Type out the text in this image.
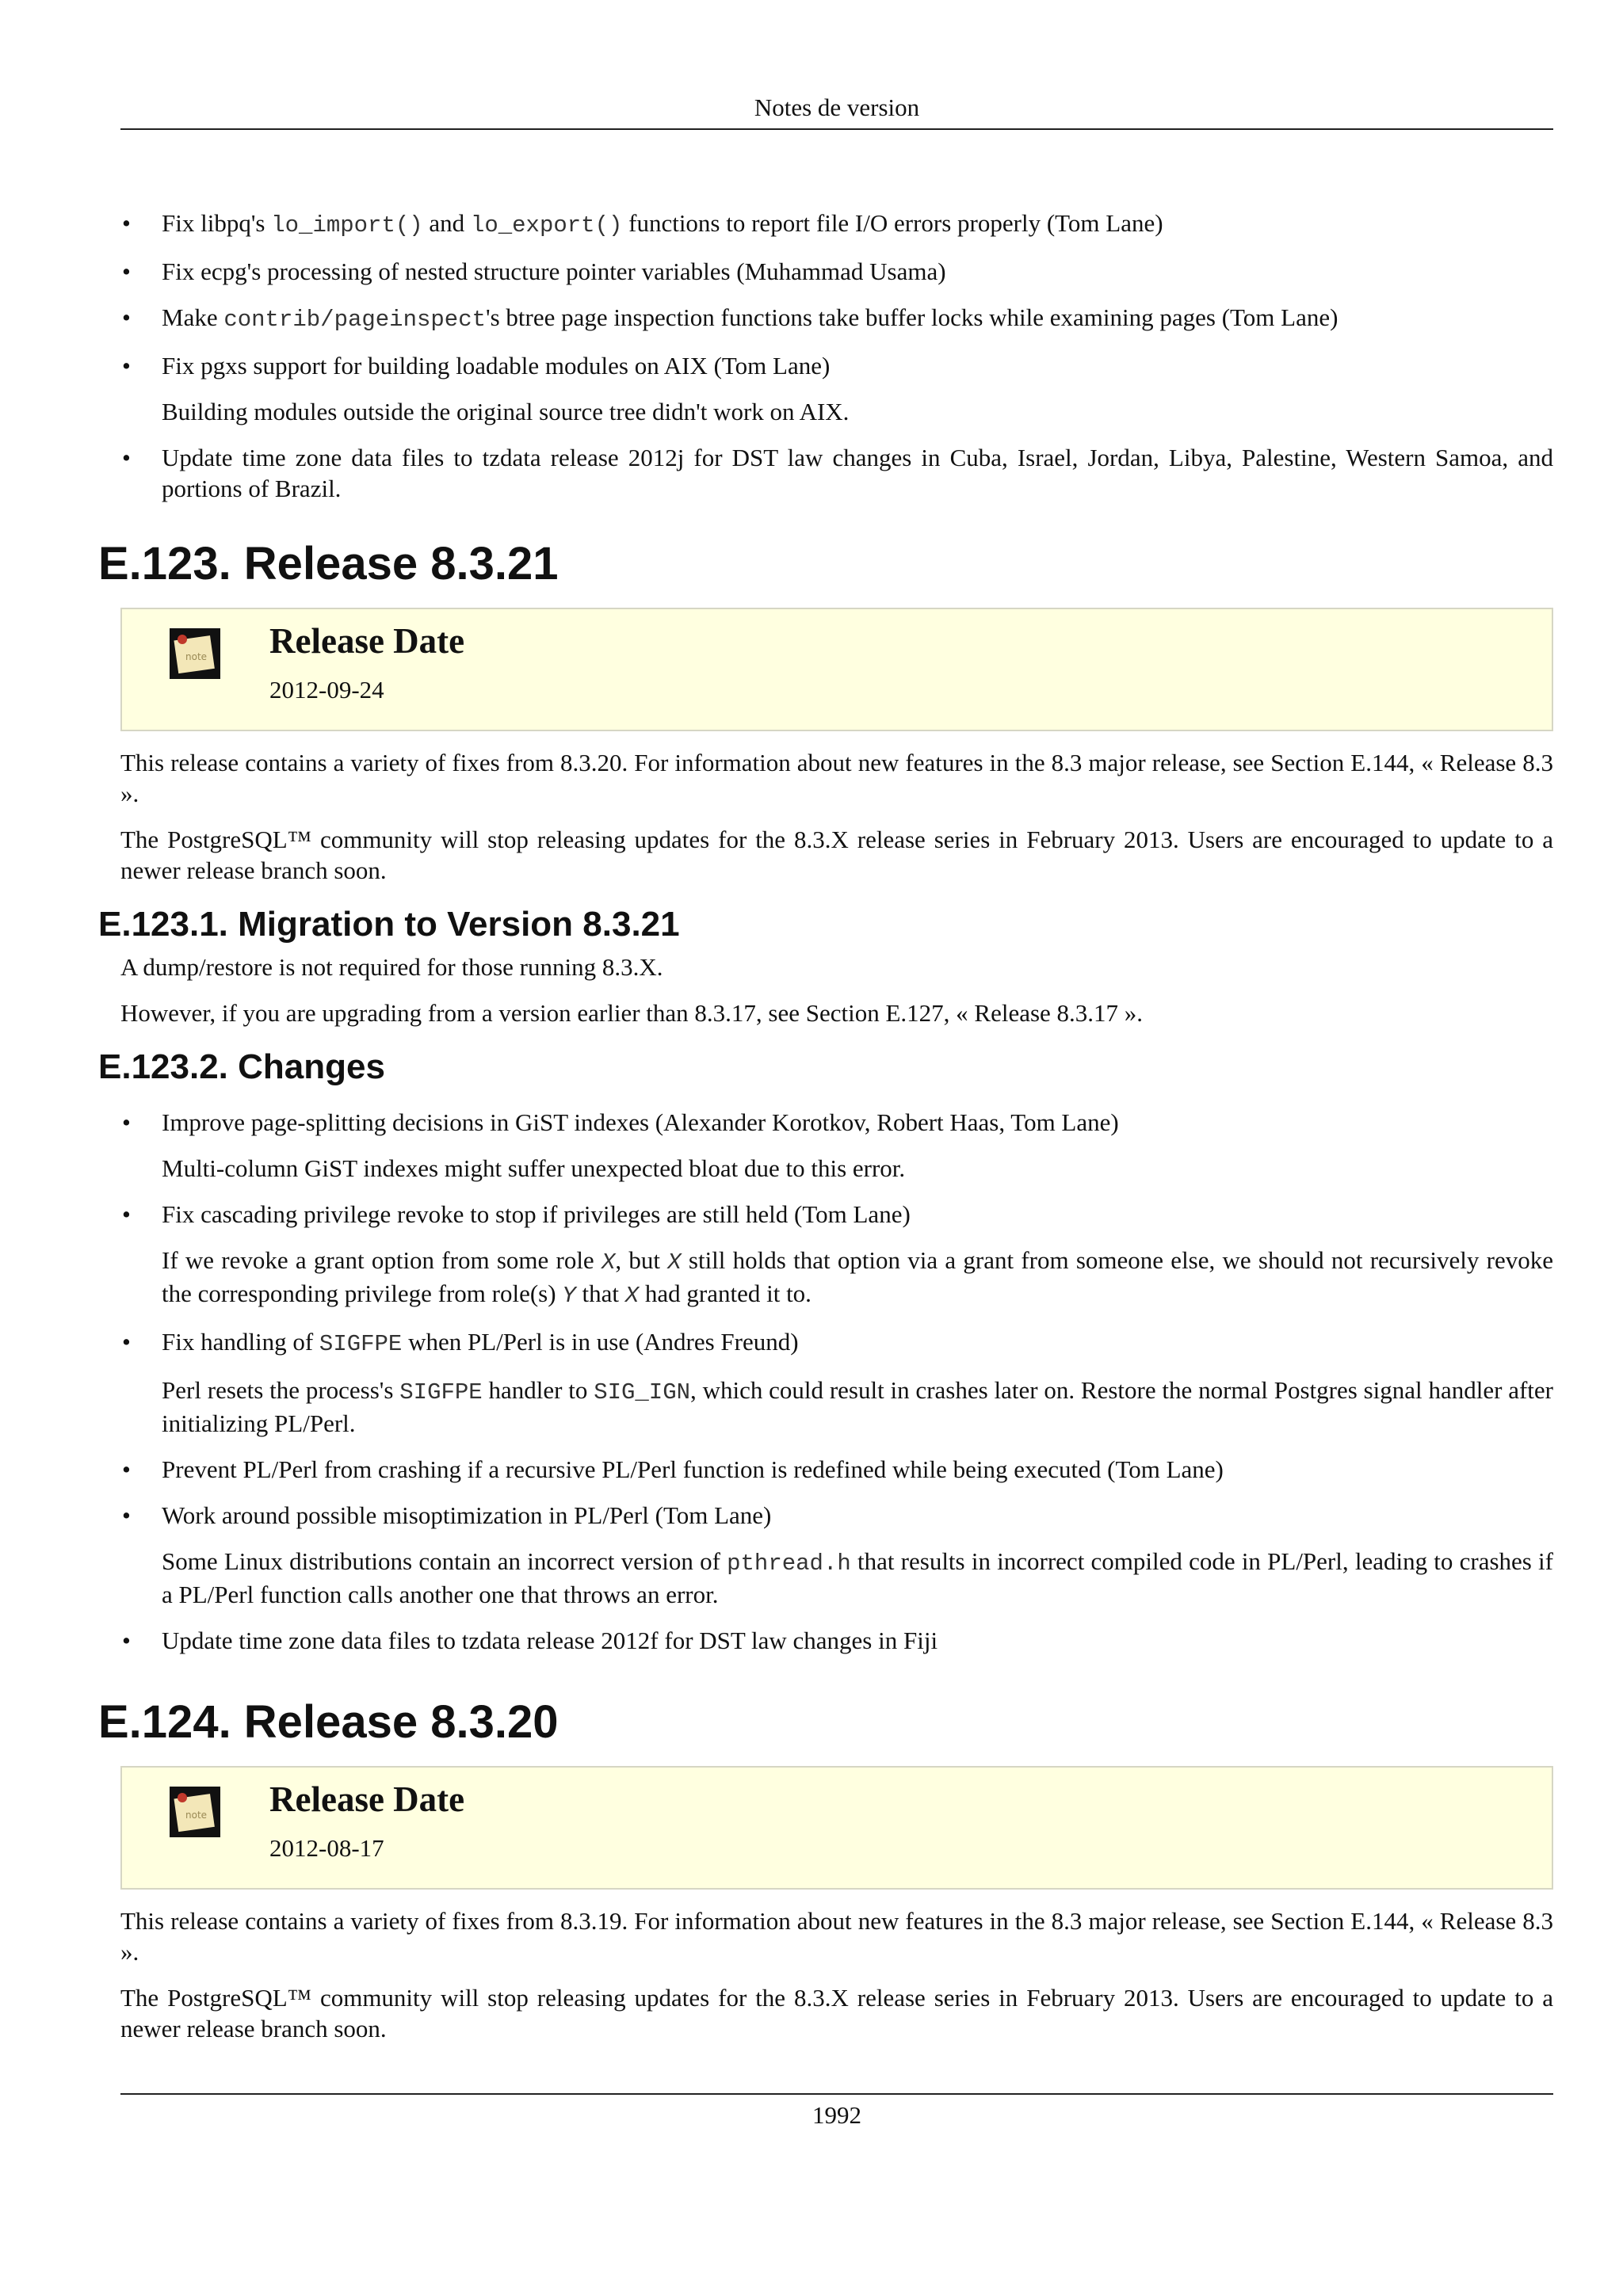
Notes de version
• Fix libpq's lo_import() and lo_export() functions to report file I/O errors properly (Tom Lane)
• Fix ecpg's processing of nested structure pointer variables (Muhammad Usama)
• Make contrib/pageinspect's btree page inspection functions take buffer locks while examining pages (Tom Lane)
• Fix pgxs support for building loadable modules on AIX (Tom Lane)
Building modules outside the original source tree didn't work on AIX.
• Update time zone data files to tzdata release 2012j for DST law changes in Cuba, Israel, Jordan, Libya, Palestine, Western Samoa, and portions of Brazil.
E.123. Release 8.3.21
note Release Date
2012-09-24

This release contains a variety of fixes from 8.3.20. For information about new features in the 8.3 major release, see Section E.144, « Release 8.3 ».

The PostgreSQL™ community will stop releasing updates for the 8.3.X release series in February 2013. Users are encouraged to update to a newer release branch soon.

E.123.1. Migration to Version 8.3.21

A dump/restore is not required for those running 8.3.X.

However, if you are upgrading from a version earlier than 8.3.17, see Section E.127, « Release 8.3.17 ».

E.123.2. Changes
• Improve page-splitting decisions in GiST indexes (Alexander Korotkov, Robert Haas, Tom Lane)
Multi-column GiST indexes might suffer unexpected bloat due to this error.
• Fix cascading privilege revoke to stop if privileges are still held (Tom Lane)
If we revoke a grant option from some role X, but X still holds that option via a grant from someone else, we should not recursively revoke the corresponding privilege from role(s) Y that X had granted it to.
• Fix handling of SIGFPE when PL/Perl is in use (Andres Freund)
Perl resets the process's SIGFPE handler to SIG_IGN, which could result in crashes later on. Restore the normal Postgres signal handler after initializing PL/Perl.
• Prevent PL/Perl from crashing if a recursive PL/Perl function is redefined while being executed (Tom Lane)
• Work around possible misoptimization in PL/Perl (Tom Lane)
Some Linux distributions contain an incorrect version of pthread.h that results in incorrect compiled code in PL/Perl, leading to crashes if a PL/Perl function calls another one that throws an error.
• Update time zone data files to tzdata release 2012f for DST law changes in Fiji
E.124. Release 8.3.20
note Release Date
2012-08-17

This release contains a variety of fixes from 8.3.19. For information about new features in the 8.3 major release, see Section E.144, « Release 8.3 ».

The PostgreSQL™ community will stop releasing updates for the 8.3.X release series in February 2013. Users are encouraged to update to a newer release branch soon.

1992
